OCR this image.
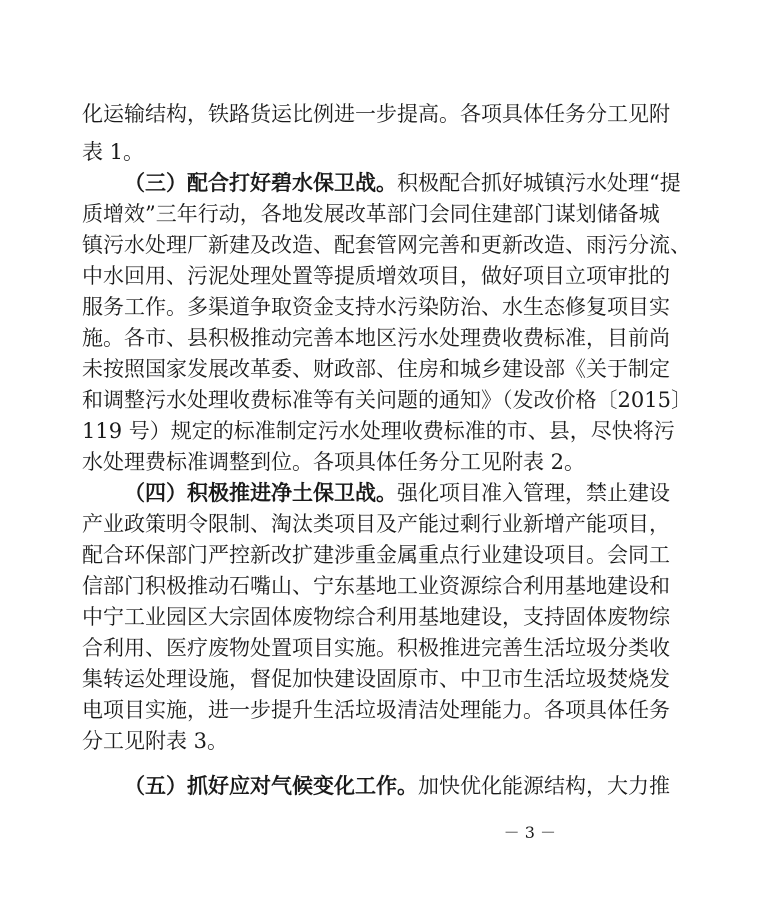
化运输结构，铁路货运比例进一步提高。各项具体任务分工见附
表 1。
（三）配合打好碧水保卫战。积极配合抓好城镇污水处理“提
质增效”三年行动，各地发展改革部门会同住建部门谋划储备城
镇污水处理厂新建及改造、配套管网完善和更新改造、雨污分流、
中水回用、污泥处理处置等提质增效项目，做好项目立项审批的
服务工作。多渠道争取资金支持水污染防治、水生态修复项目实
施。各市、县积极推动完善本地区污水处理费收费标准，目前尚
未按照国家发展改革委、财政部、住房和城乡建设部《关于制定
和调整污水处理收费标准等有关问题的通知》（发改价格〔2015〕
119 号）规定的标准制定污水处理收费标准的市、县，尽快将污
水处理费标准调整到位。各项具体任务分工见附表 2。
（四）积极推进净土保卫战。强化项目准入管理，禁止建设
产业政策明令限制、淘汰类项目及产能过剩行业新增产能项目，
配合环保部门严控新改扩建涉重金属重点行业建设项目。会同工
信部门积极推动石嘴山、宁东基地工业资源综合利用基地建设和
中宁工业园区大宗固体废物综合利用基地建设，支持固体废物综
合利用、医疗废物处置项目实施。积极推进完善生活垃圾分类收
集转运处理设施，督促加快建设固原市、中卫市生活垃圾焚烧发
电项目实施，进一步提升生活垃圾清洁处理能力。各项具体任务
分工见附表 3。
（五）抓好应对气候变化工作。加快优化能源结构，大力推
－ 3 －
